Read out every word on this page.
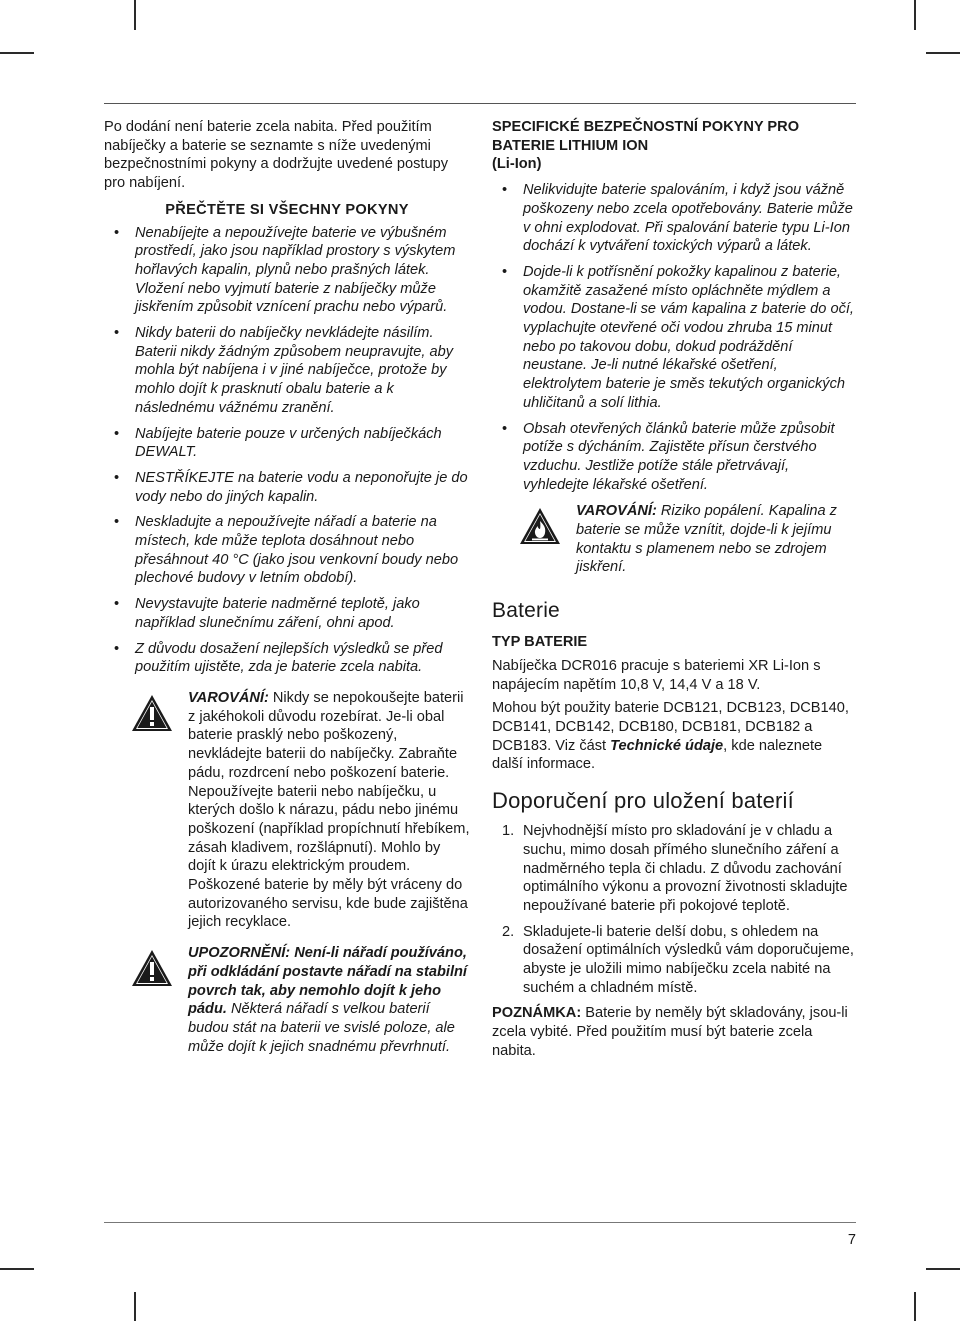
Po dodání není baterie zcela nabita. Před použitím nabíječky a baterie se seznamte s níže uvedenými bezpečnostními pokyny a dodržujte uvedené postupy pro nabíjení.

PŘEČTĚTE SI VŠECHNY POKYNY

• Nenabíjejte a nepoužívejte baterie ve výbušném prostředí, jako jsou například prostory s výskytem hořlavých kapalin, plynů nebo prašných látek. Vložení nebo vyjmutí baterie z nabíječky může jiskřením způsobit vznícení prachu nebo výparů.
• Nikdy baterii do nabíječky nevkládejte násilím. Baterii nikdy žádným způsobem neupravujte, aby mohla být nabíjena i v jiné nabíječce, protože by mohlo dojít k prasknutí obalu baterie a k následnému vážnému zranění.
• Nabíjejte baterie pouze v určených nabíječkách DEWALT.
• NESTŘÍKEJTE na baterie vodu a neponořujte je do vody nebo do jiných kapalin.
• Neskladujte a nepoužívejte nářadí a baterie na místech, kde může teplota dosáhnout nebo přesáhnout 40 °C (jako jsou venkovní boudy nebo plechové budovy v letním období).
• Nevystavujte baterie nadměrné teplotě, jako například slunečnímu záření, ohni apod.
• Z důvodu dosažení nejlepších výsledků se před použitím ujistěte, zda je baterie zcela nabita.
VAROVÁNÍ: Nikdy se nepokoušejte baterii z jakéhokoli důvodu rozebírat. Je-li obal baterie prasklý nebo poškozený, nevkládejte baterii do nabíječky. Zabraňte pádu, rozdrcení nebo poškození baterie. Nepoužívejte baterii nebo nabíječku, u kterých došlo k nárazu, pádu nebo jinému poškození (například propíchnutí hřebíkem, zásah kladivem, rozšlápnutí). Mohlo by dojít k úrazu elektrickým proudem. Poškozené baterie by měly být vráceny do autorizovaného servisu, kde bude zajištěna jejich recyklace.
UPOZORNĚNÍ: Není-li nářadí používáno, při odkládání postavte nářadí na stabilní povrch tak, aby nemohlo dojít k jeho pádu. Některá nářadí s velkou baterií budou stát na baterii ve svislé poloze, ale může dojít k jejich snadnému převrhnutí.

SPECIFICKÉ BEZPEČNOSTNÍ POKYNY PRO BATERIE LITHIUM ION

(Li-Ion)

• Nelikvidujte baterie spalováním, i když jsou vážně poškozeny nebo zcela opotřebovány. Baterie může v ohni explodovat. Při spalování baterie typu Li-Ion dochází k vytváření toxických výparů a látek.
• Dojde-li k potřísnění pokožky kapalinou z baterie, okamžitě zasažené místo opláchněte mýdlem a vodou. Dostane-li se vám kapalina z baterie do očí, vyplachujte otevřené oči vodou zhruba 15 minut nebo po takovou dobu, dokud podráždění neustane. Je-li nutné lékařské ošetření, elektrolytem baterie je směs tekutých organických uhličitanů a solí lithia.
• Obsah otevřených článků baterie může způsobit potíže s dýcháním. Zajistěte přísun čerstvého vzduchu. Jestliže potíže stále přetrvávají, vyhledejte lékařské ošetření.
VAROVÁNÍ: Riziko popálení. Kapalina z baterie se může vznítit, dojde-li k jejímu kontaktu s plamenem nebo se zdrojem jiskření.
Baterie

TYP BATERIE

Nabíječka DCR016 pracuje s bateriemi XR Li-Ion s napájecím napětím 10,8 V, 14,4 V a 18 V.

Mohou být použity baterie DCB121, DCB123, DCB140, DCB141, DCB142, DCB180, DCB181, DCB182 a DCB183. Viz část Technické údaje, kde naleznete další informace.

Doporučení pro uložení baterií
1. Nejvhodnější místo pro skladování je v chladu a suchu, mimo dosah přímého slunečního záření a nadměrného tepla či chladu. Z důvodu zachování optimálního výkonu a provozní životnosti skladujte nepoužívané baterie při pokojové teplotě.
2. Skladujete-li baterie delší dobu, s ohledem na dosažení optimálních výsledků vám doporučujeme, abyste je uložili mimo nabíječku zcela nabité na suchém a chladném místě.

POZNÁMKA: Baterie by neměly být skladovány, jsou-li zcela vybité. Před použitím musí být baterie zcela nabita.

7
